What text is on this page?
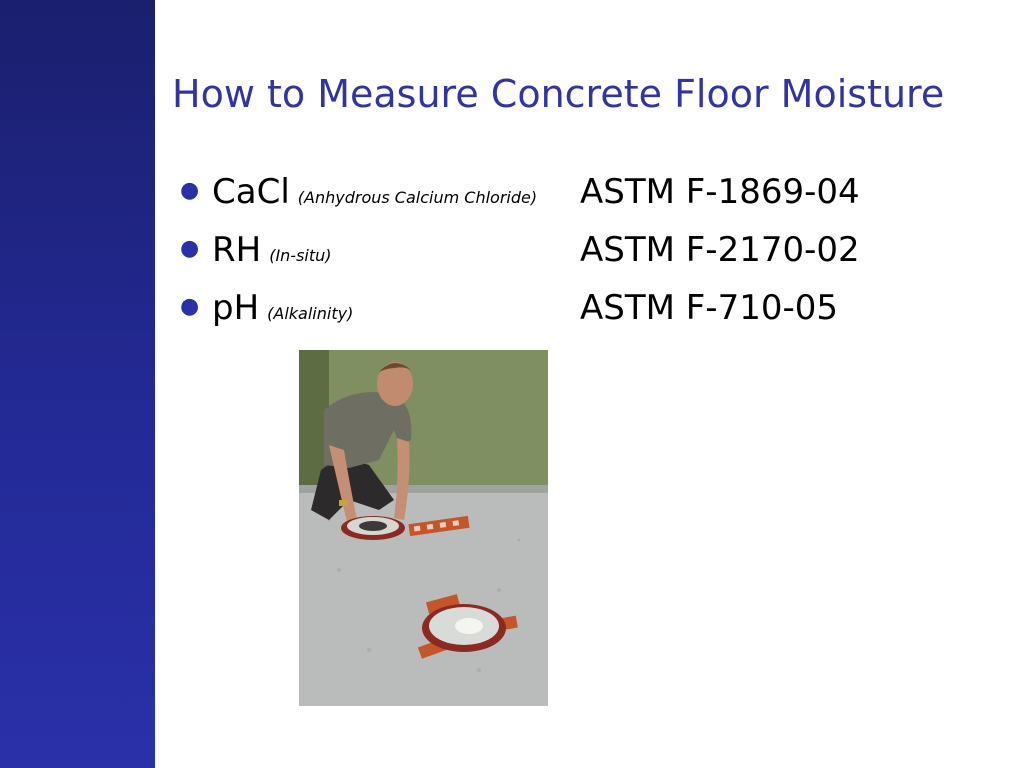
How to Measure Concrete Floor Moisture
● CaCl (Anhydrous Calcium Chloride) ASTM F-1869-04
● RH (In-situ)	ASTM F-2170-02
● pH (Alkalinity)	ASTM F-710-05
